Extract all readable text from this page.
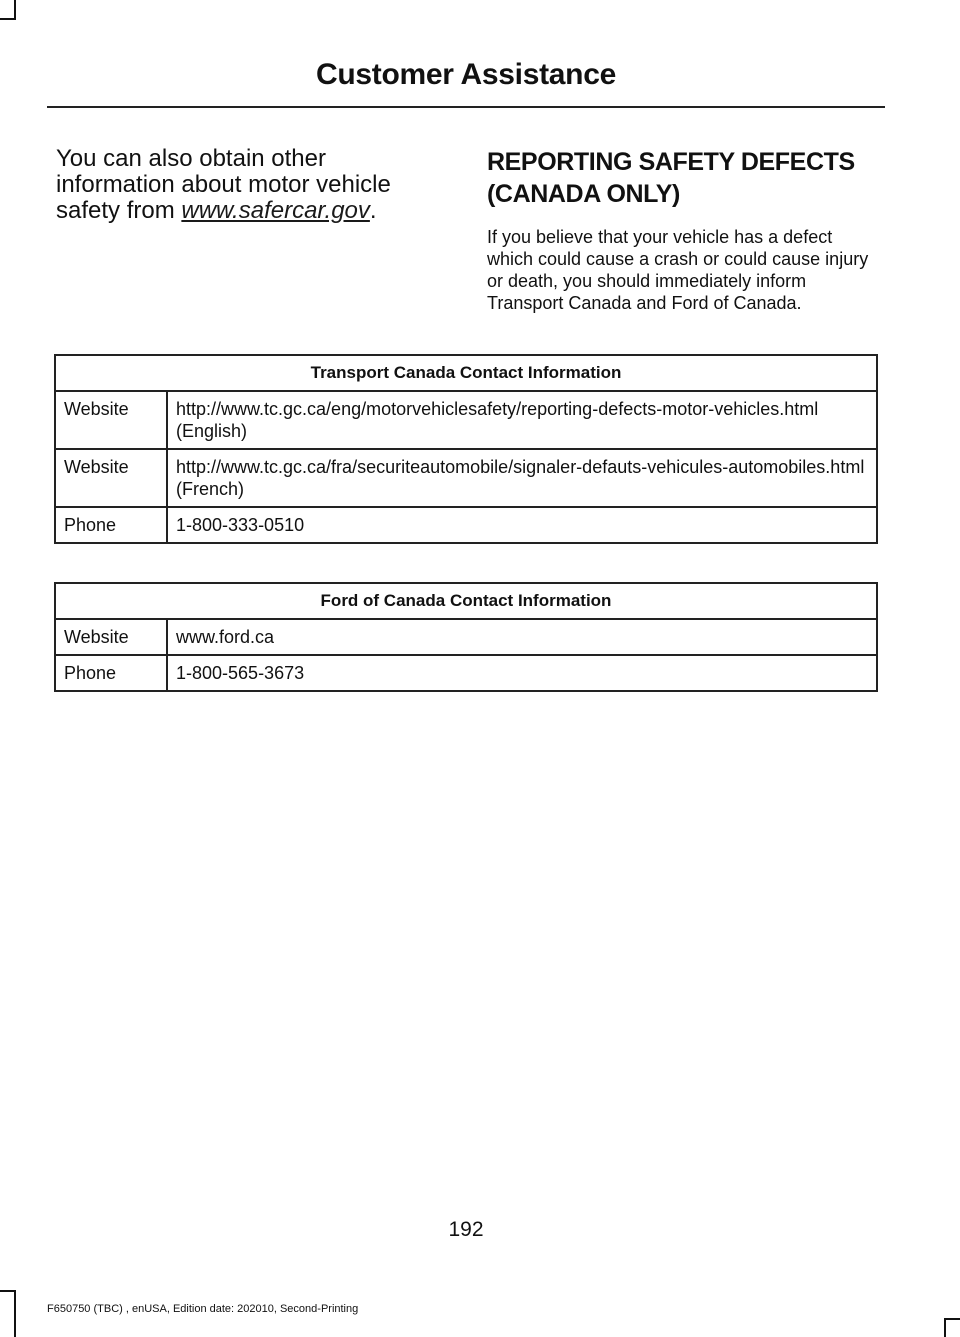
Customer Assistance
You can also obtain other information about motor vehicle safety from www.safercar.gov.
REPORTING SAFETY DEFECTS (CANADA ONLY)
If you believe that your vehicle has a defect which could cause a crash or could cause injury or death, you should immediately inform Transport Canada and Ford of Canada.
Transport Canada Contact Information	
Website	http://www.tc.gc.ca/eng/motorvehiclesafety/reporting-defects-motor-vehicles.html (English)
Website	http://www.tc.gc.ca/fra/securiteautomobile/signaler-defauts-vehicules-automobiles.html (French)
Phone	1-800-333-0510
Ford of Canada Contact Information	
Website	www.ford.ca
Phone	1-800-565-3673
192
F650750 (TBC) , enUSA, Edition date: 202010, Second-Printing
